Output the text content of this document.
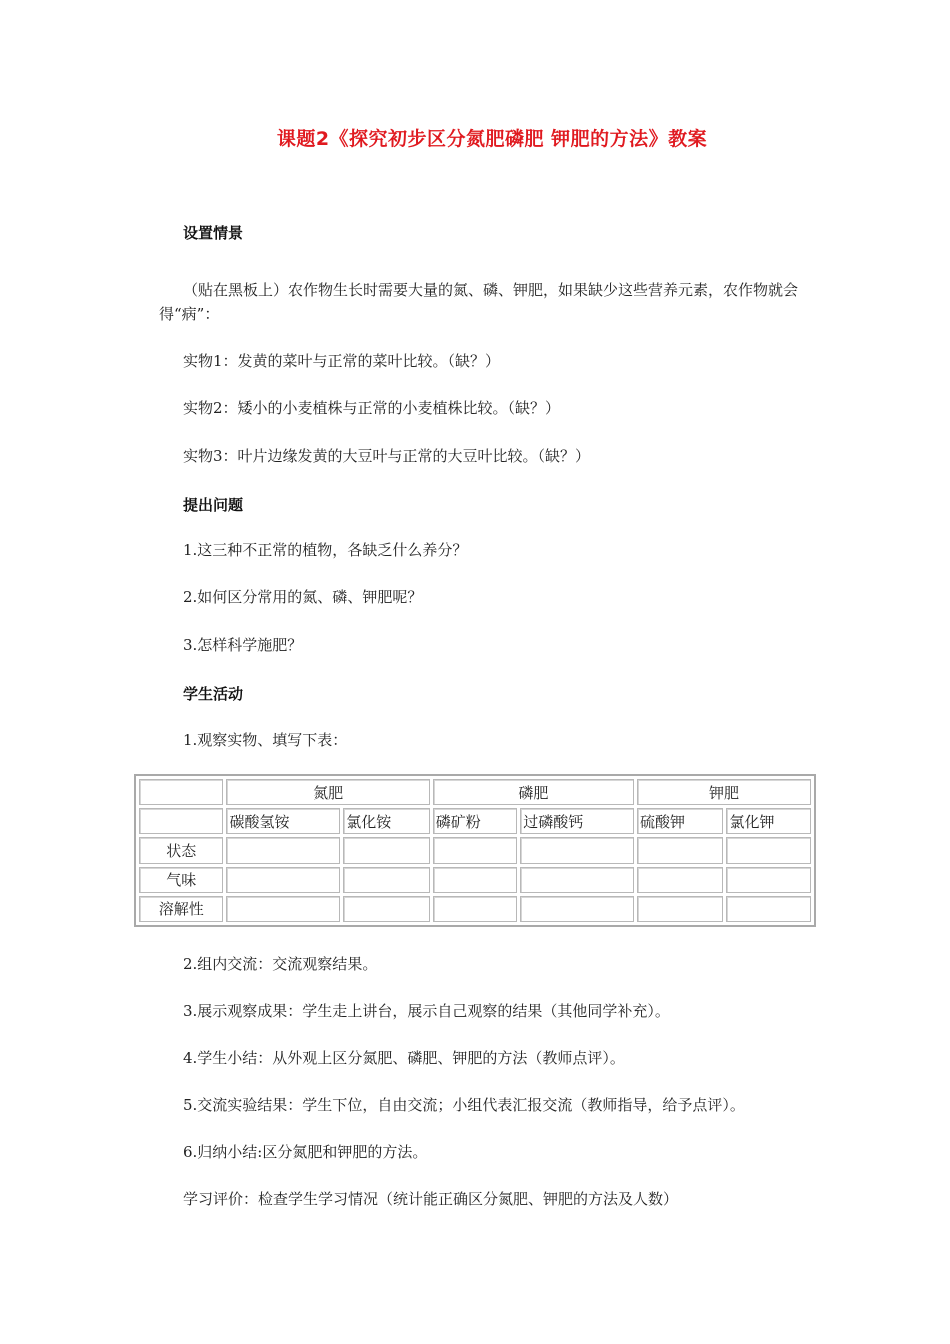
课题2《探究初步区分氮肥磷肥 钾肥的方法》教案
设置情景
（贴在黑板上）农作物生长时需要大量的氮、磷、钾肥，如果缺少这些营养元素，农作物就会得“病”：
实物1：发黄的菜叶与正常的菜叶比较。（缺？）
实物2：矮小的小麦植株与正常的小麦植株比较。（缺？）
实物3：叶片边缘发黄的大豆叶与正常的大豆叶比较。（缺？）
提出问题
1.这三种不正常的植物，各缺乏什么养分？
2.如何区分常用的氮、磷、钾肥呢？
3.怎样科学施肥？
学生活动
1.观察实物、填写下表：
	氮肥		磷肥		钾肥	
	碳酸氢铵	氯化铵	磷矿粉	过磷酸钙	硫酸钾	氯化钾
状态						
气味						
溶解性						
2.组内交流：交流观察结果。
3.展示观察成果：学生走上讲台，展示自己观察的结果（其他同学补充）。
4.学生小结：从外观上区分氮肥、磷肥、钾肥的方法（教师点评）。
5.交流实验结果：学生下位，自由交流；小组代表汇报交流（教师指导，给予点评）。
6.归纳小结:区分氮肥和钾肥的方法。
学习评价：检查学生学习情况（统计能正确区分氮肥、钾肥的方法及人数）
